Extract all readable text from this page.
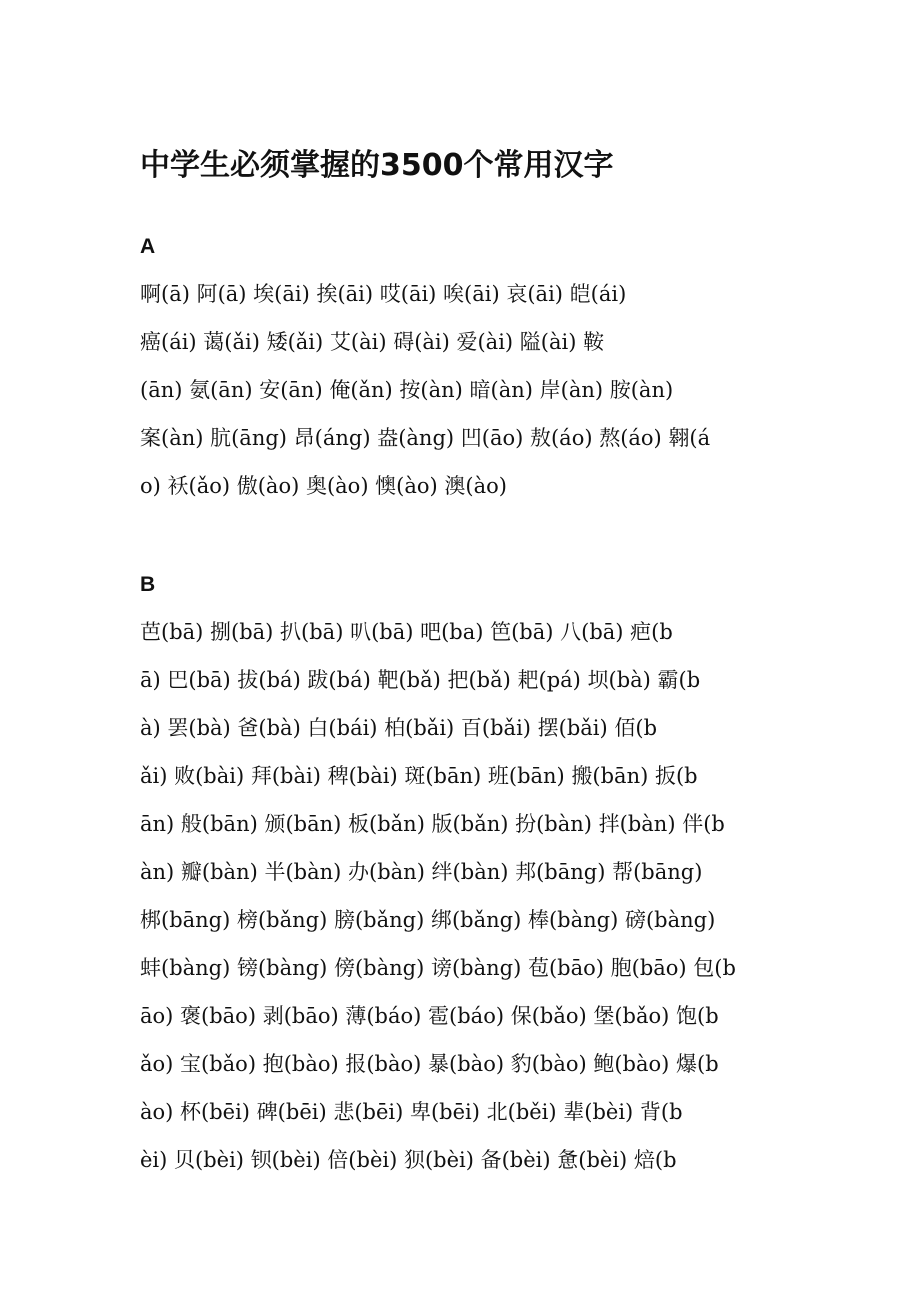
中学生必须掌握的3500个常用汉字
A
啊(ā) 阿(ā) 埃(āi) 挨(āi) 哎(āi) 唉(āi) 哀(āi) 皑(ái)
癌(ái) 蔼(ǎi) 矮(ǎi) 艾(ài) 碍(ài) 爱(ài) 隘(ài) 鞍
(ān) 氨(ān) 安(ān) 俺(ǎn) 按(àn) 暗(àn) 岸(àn) 胺(àn)
案(àn) 肮(āng) 昂(áng) 盎(àng) 凹(āo) 敖(áo) 熬(áo) 翱(á
o) 袄(ǎo) 傲(ào) 奥(ào) 懊(ào) 澳(ào)
B
芭(bā) 捌(bā) 扒(bā) 叭(bā) 吧(ba) 笆(bā) 八(bā) 疤(b
ā) 巴(bā) 拔(bá) 跋(bá) 靶(bǎ) 把(bǎ) 耙(pá) 坝(bà) 霸(b
à) 罢(bà) 爸(bà) 白(bái) 柏(bǎi) 百(bǎi) 摆(bǎi) 佰(b
ǎi) 败(bài) 拜(bài) 稗(bài) 斑(bān) 班(bān) 搬(bān) 扳(b
ān) 般(bān) 颁(bān) 板(bǎn) 版(bǎn) 扮(bàn) 拌(bàn) 伴(b
àn) 瓣(bàn) 半(bàn) 办(bàn) 绊(bàn) 邦(bāng) 帮(bāng)
梆(bāng) 榜(bǎng) 膀(bǎng) 绑(bǎng) 棒(bàng) 磅(bàng)
蚌(bàng) 镑(bàng) 傍(bàng) 谤(bàng) 苞(bāo) 胞(bāo) 包(b
āo) 褒(bāo) 剥(bāo) 薄(báo) 雹(báo) 保(bǎo) 堡(bǎo) 饱(b
ǎo) 宝(bǎo) 抱(bào) 报(bào) 暴(bào) 豹(bào) 鲍(bào) 爆(b
ào) 杯(bēi) 碑(bēi) 悲(bēi) 卑(bēi) 北(běi) 辈(bèi) 背(b
èi) 贝(bèi) 钡(bèi) 倍(bèi) 狈(bèi) 备(bèi) 惫(bèi) 焙(b
